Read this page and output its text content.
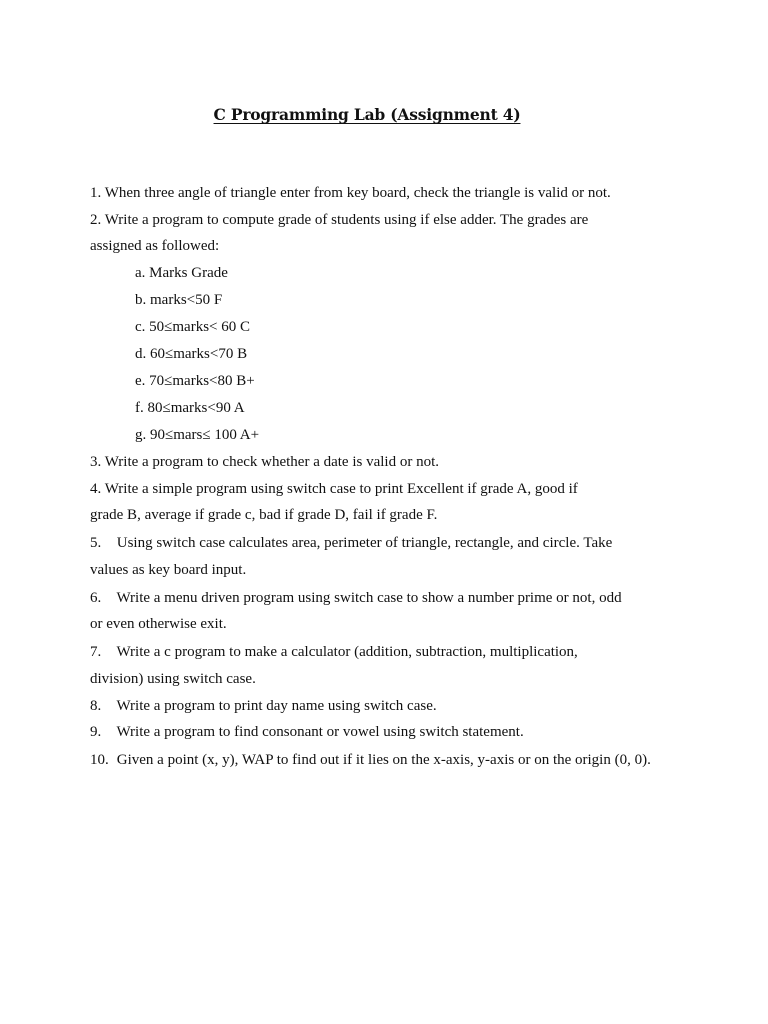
C Programming Lab (Assignment 4)
1. When three angle of triangle enter from key board, check the triangle is valid or not.
2. Write a program to compute grade of students using if else adder. The grades are
assigned as followed:
a. Marks Grade
b. marks<50 F
c. 50≤marks< 60 C
d. 60≤marks<70 B
e. 70≤marks<80 B+
f. 80≤marks<90 A
g. 90≤mars≤ 100 A+
3. Write a program to check whether a date is valid or not.
4. Write a simple program using switch case to print Excellent if grade A, good if
grade B, average if grade c, bad if grade D, fail if grade F.
5. Using switch case calculates area, perimeter of triangle, rectangle, and circle. Take
values as key board input.
6. Write a menu driven program using switch case to show a number prime or not, odd
or even otherwise exit.
7. Write a c program to make a calculator (addition, subtraction, multiplication,
division) using switch case.
8. Write a program to print day name using switch case.
9. Write a program to find consonant or vowel using switch statement.
10. Given a point (x, y), WAP to find out if it lies on the x-axis, y-axis or on the origin (0, 0).
